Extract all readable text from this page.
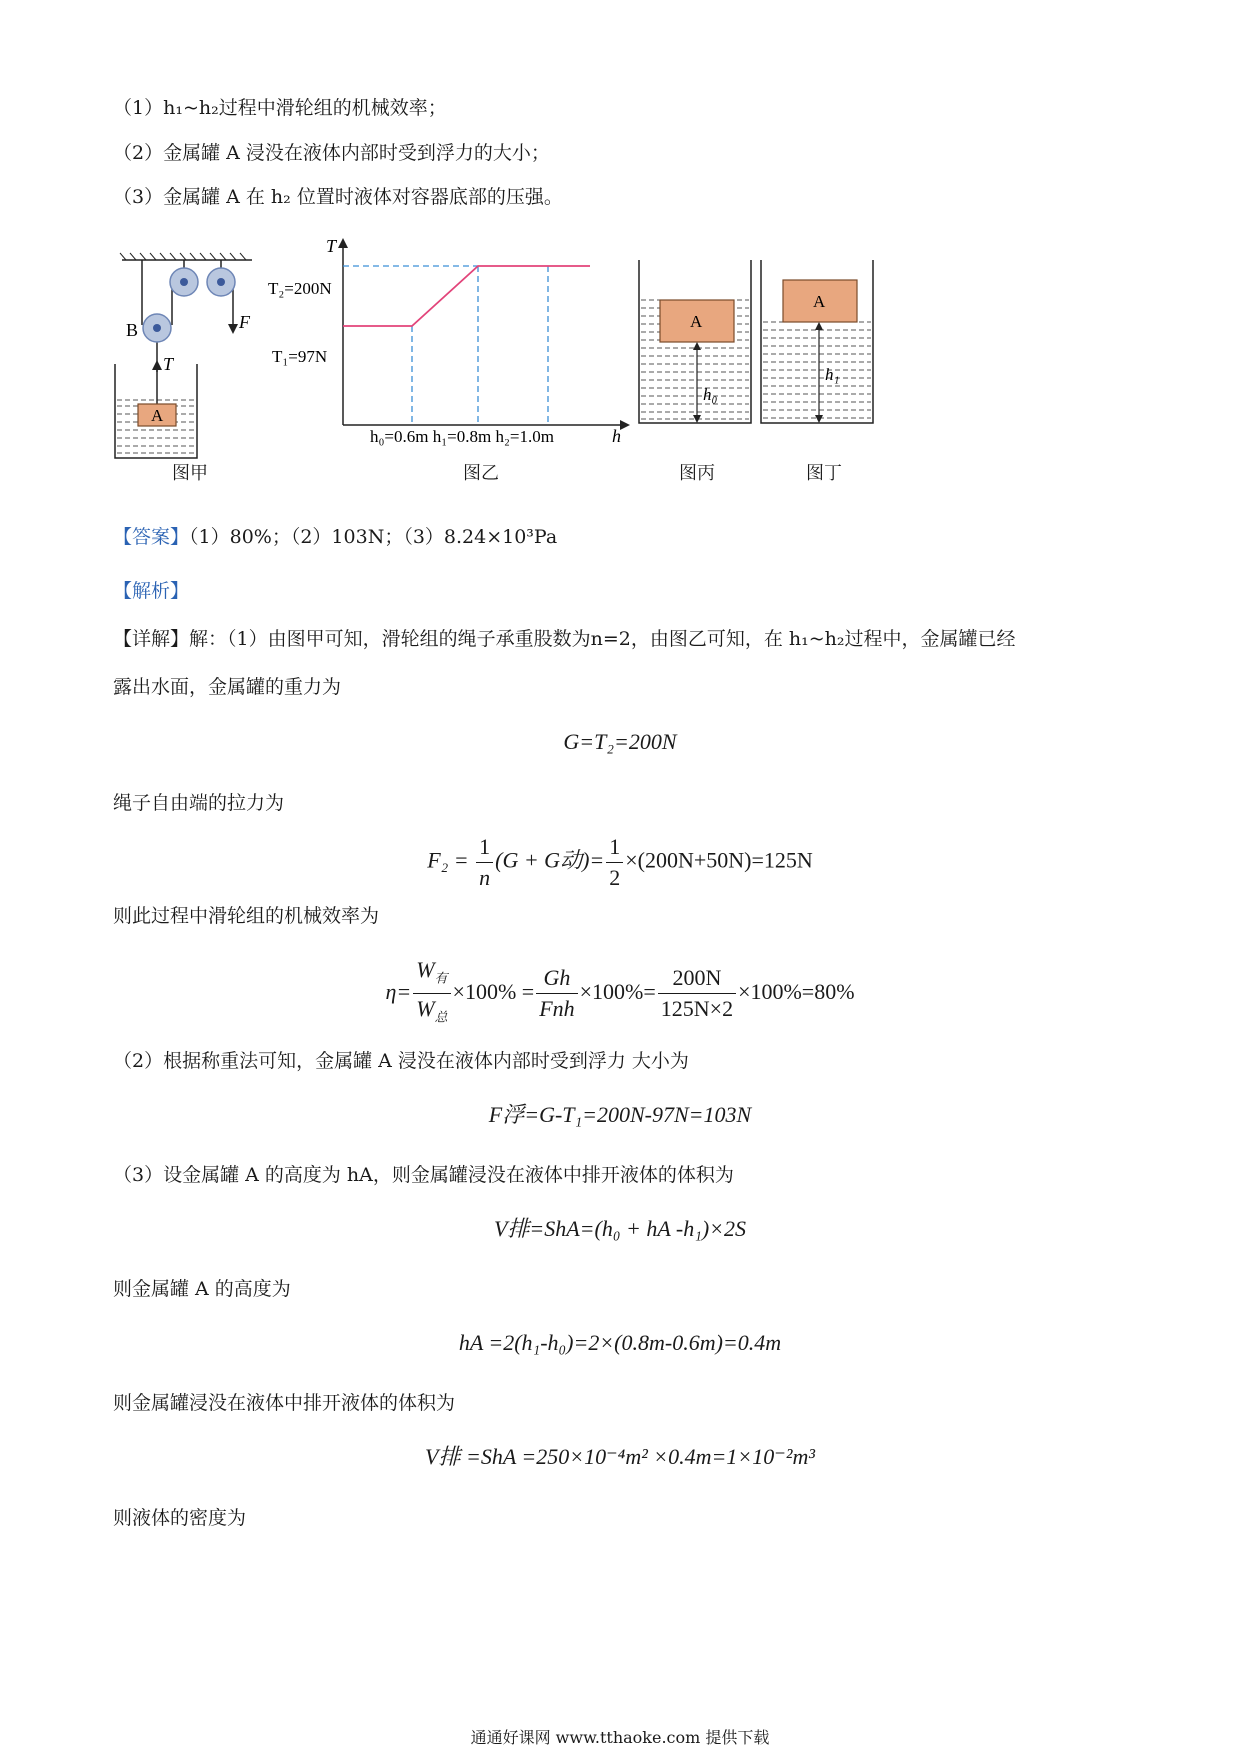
（1）h₁~h₂过程中滑轮组的机械效率；
（2）金属罐 A 浸没在液体内部时受到浮力的大小；
（3）金属罐 A 在 h₂ 位置时液体对容器底部的压强。
B	F
T
A
T
h
T₂=200N
T₁=97N
h₀=0.6m h₁=0.8m h₂=1.0m
A
h₀
A
h₁
图甲	图乙	图丙	图丁
【答案】（1）80%；（2）103N；（3）8.24×10³Pa
【解析】
【详解】解：（1）由图甲可知，滑轮组的绳子承重股数为n=2，由图乙可知，在 h₁~h₂过程中，金属罐已经
露出水面，金属罐的重力为
G=T₂=200N
绳子自由端的拉力为
$F_2 = \frac{1}{n} (G + G$动)= $\frac{1}{2} \times(200N+50N)=125N$
则此过程中滑轮组的机械效率为
$\eta= \frac{W_有}{W_总} \times 100\% = \frac{Gh}{\text{Fnh}} \times 100\%= \frac{200N}{125N\times 2} \times 100\%=80\%$
（2）根据称重法可知，金属罐 A 浸没在液体内部时受到浮力 大小为
F浮=G-T₁=200N-97N=103N
（3）设金属罐 A 的高度为 hA，则金属罐浸没在液体中排开液体的体积为
V排=ShA=(h₀ + hA -h₁)×2S
则金属罐 A 的高度为
hA =2(h₁-h₀)=2×(0.8m-0.6m)=0.4m
则金属罐浸没在液体中排开液体的体积为
V排 =ShA =250×10⁻⁴m² ×0.4m=1×10⁻²m³
则液体的密度为
通通好课网 www.tthaoke.com 提供下载
